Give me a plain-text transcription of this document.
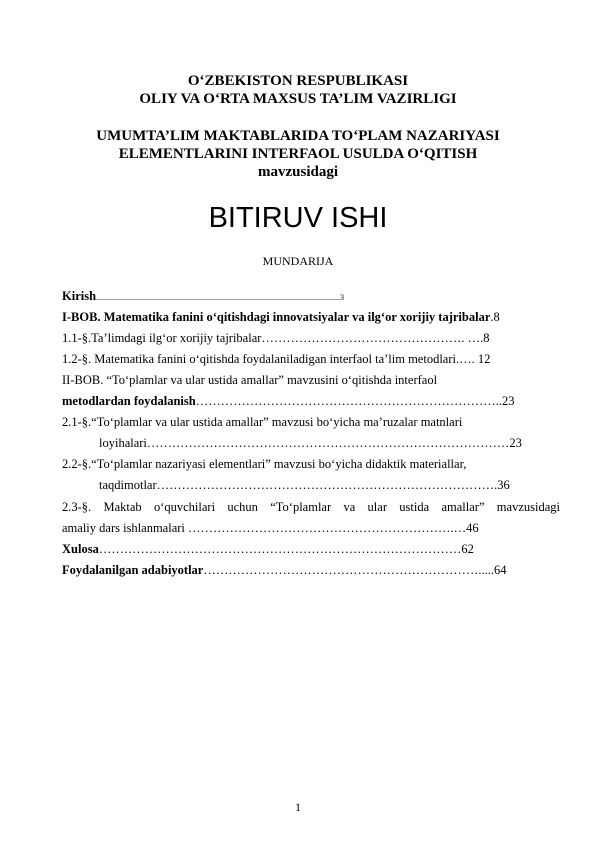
O‘ZBEKISTON RESPUBLIKASI
OLIY VA O‘RTA MAXSUS TA’LIM VAZIRLIGI
UMUMTA’LIM MAKTABLARIDA TO‘PLAM NAZARIYASI
ELEMENTLARINI INTERFAOL USULDA O‘QITISH
mavzusidagi
BITIRUV ISHI
MUNDARIJA
Kirish..........................................................................................................................3
I-BOB. Matematika fanini o‘qitishdagi innovatsiyalar va ilg‘or xorijiy tajribalar.8
1.1-§.Ta’limdagi ilg‘or xorijiy tajribalar…………………………………………. ….8
1.2-§. Matematika fanini o‘qitishda foydalaniladigan interfaol ta’lim metodlari.…. 12
II-BOB. “To‘plamlar va ular ustida amallar” mavzusini o‘qitishda interfaol
metodlardan foydalanish………………………………………………………………..23
2.1-§.“To‘plamlar va ular ustida amallar” mavzusi bo‘yicha ma’ruzalar matnlari
loyihalari……………………………………………………………………………23
2.2-§.“To‘plamlar nazariyasi elementlari” mavzusi bo‘yicha didaktik materiallar,
taqdimotlar……………………………………………………………………….36
2.3-§. Maktab o‘quvchilari uchun “To‘plamlar va ular ustida amallar” mavzusidagi
amaliy dars ishlanmalari ……………………………………………………….…46
Xulosa……………………………………………………………………………62
Foydalanilgan adabiyotlar………………………………………………………….....64
1
